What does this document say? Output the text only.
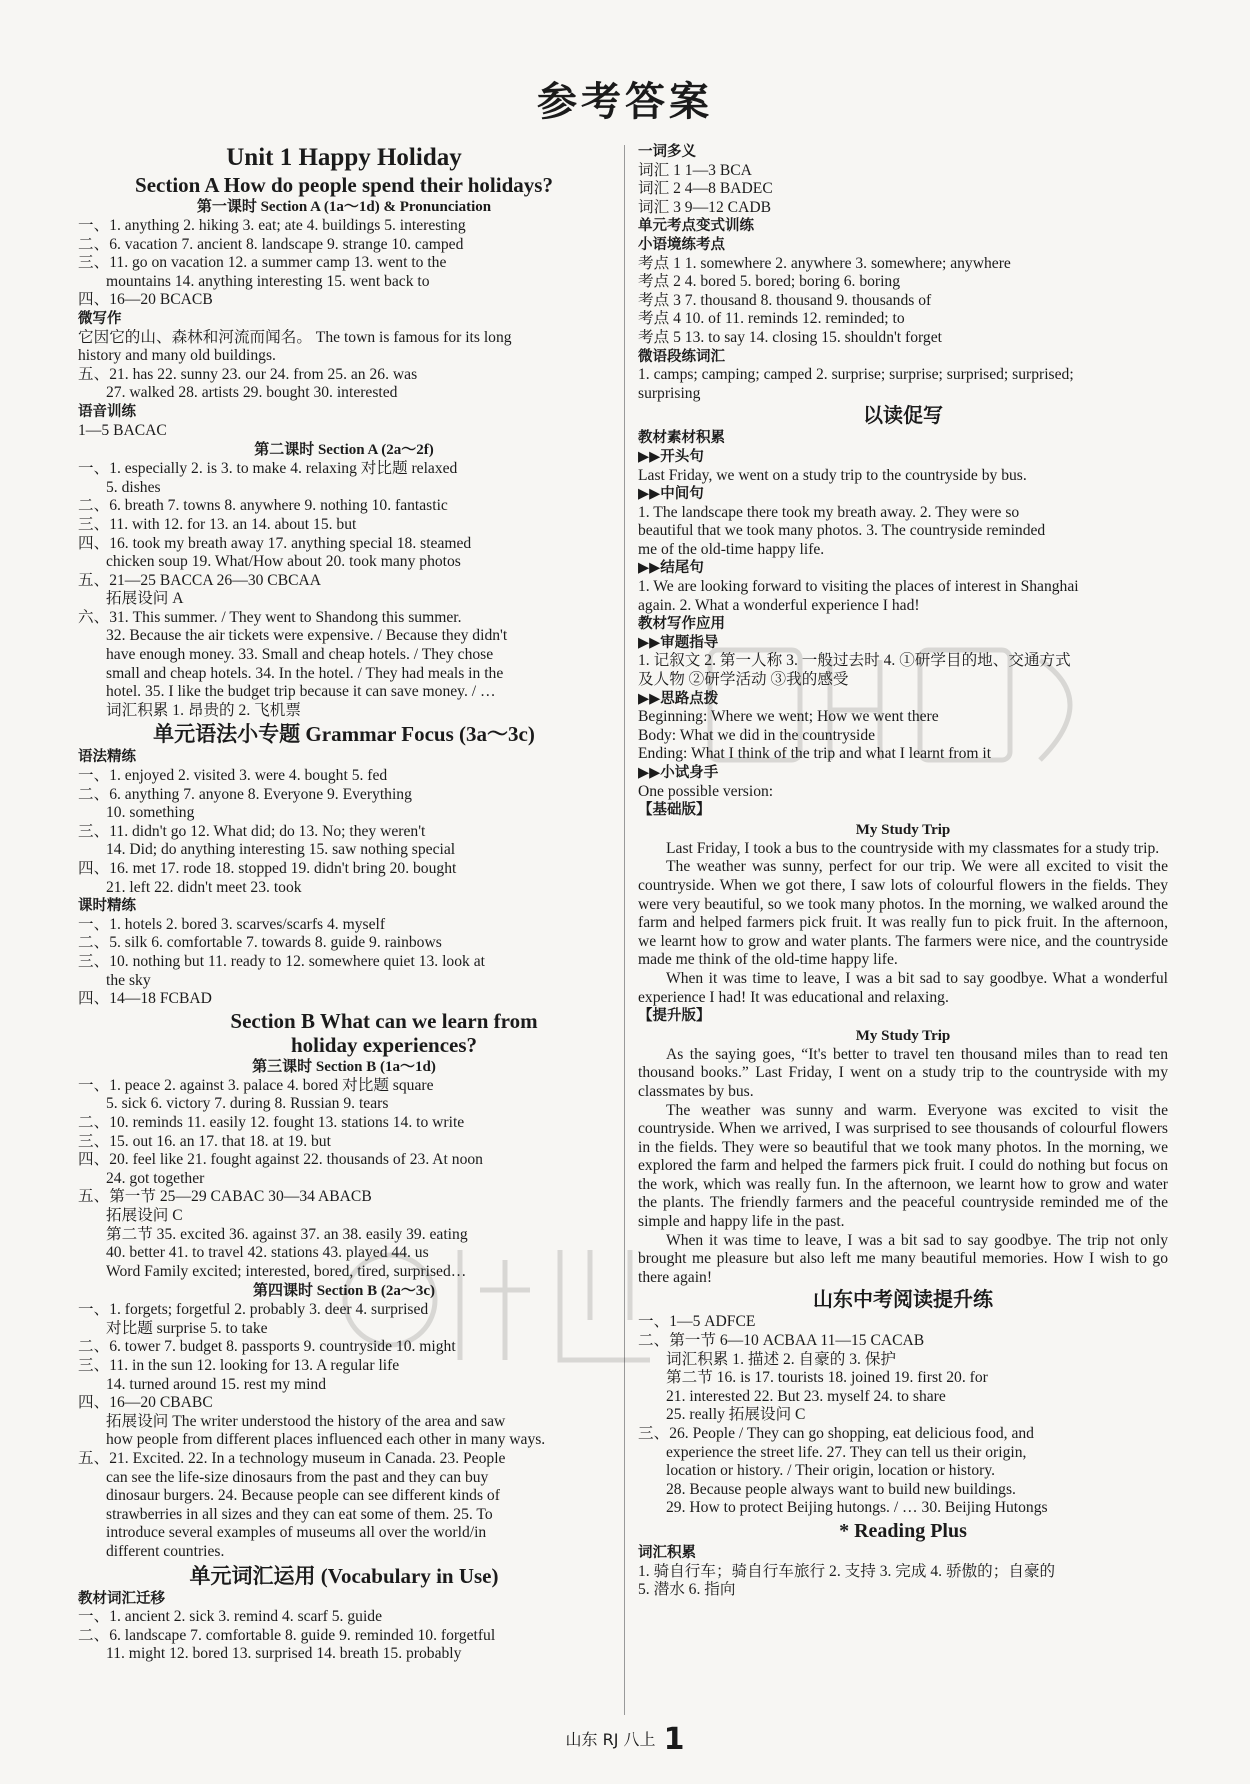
参考答案
Unit 1 Happy Holiday
Section A How do people spend their holidays?
第一课时 Section A (1a～1d) & Pronunciation
一、1. anything 2. hiking 3. eat; ate 4. buildings 5. interesting
二、6. vacation 7. ancient 8. landscape 9. strange 10. camped
三、11. go on vacation 12. a summer camp 13. went to the
mountains 14. anything interesting 15. went back to
四、16—20 BCACB
微写作
它因它的山、森林和河流而闻名。 The town is famous for its long
history and many old buildings.
五、21. has 22. sunny 23. our 24. from 25. an 26. was
27. walked 28. artists 29. bought 30. interested
语音训练
1—5 BACAC
第二课时 Section A (2a～2f)
一、1. especially 2. is 3. to make 4. relaxing 对比题 relaxed
5. dishes
二、6. breath 7. towns 8. anywhere 9. nothing 10. fantastic
三、11. with 12. for 13. an 14. about 15. but
四、16. took my breath away 17. anything special 18. steamed
chicken soup 19. What/How about 20. took many photos
五、21—25 BACCA 26—30 CBCAA
拓展设问 A
六、31. This summer. / They went to Shandong this summer.
32. Because the air tickets were expensive. / Because they didn't
have enough money. 33. Small and cheap hotels. / They chose
small and cheap hotels. 34. In the hotel. / They had meals in the
hotel. 35. I like the budget trip because it can save money. / …
词汇积累 1. 昂贵的 2. 飞机票
单元语法小专题 Grammar Focus (3a～3c)
语法精练
一、1. enjoyed 2. visited 3. were 4. bought 5. fed
二、6. anything 7. anyone 8. Everyone 9. Everything
10. something
三、11. didn't go 12. What did; do 13. No; they weren't
14. Did; do anything interesting 15. saw nothing special
四、16. met 17. rode 18. stopped 19. didn't bring 20. bought
21. left 22. didn't meet 23. took
课时精练
一、1. hotels 2. bored 3. scarves/scarfs 4. myself
二、5. silk 6. comfortable 7. towards 8. guide 9. rainbows
三、10. nothing but 11. ready to 12. somewhere quiet 13. look at
the sky
四、14—18 FCBAD
Section B What can we learn from
holiday experiences?
第三课时 Section B (1a～1d)
一、1. peace 2. against 3. palace 4. bored 对比题 square
5. sick 6. victory 7. during 8. Russian 9. tears
二、10. reminds 11. easily 12. fought 13. stations 14. to write
三、15. out 16. an 17. that 18. at 19. but
四、20. feel like 21. fought against 22. thousands of 23. At noon
24. got together
五、第一节 25—29 CABAC 30—34 ABACB
拓展设问 C
第二节 35. excited 36. against 37. an 38. easily 39. eating
40. better 41. to travel 42. stations 43. played 44. us
Word Family excited; interested, bored, tired, surprised…
第四课时 Section B (2a～3c)
一、1. forgets; forgetful 2. probably 3. deer 4. surprised
对比题 surprise 5. to take
二、6. tower 7. budget 8. passports 9. countryside 10. might
三、11. in the sun 12. looking for 13. A regular life
14. turned around 15. rest my mind
四、16—20 CBABC
拓展设问 The writer understood the history of the area and saw
how people from different places influenced each other in many ways.
五、21. Excited. 22. In a technology museum in Canada. 23. People
can see the life-size dinosaurs from the past and they can buy
dinosaur burgers. 24. Because people can see different kinds of
strawberries in all sizes and they can eat some of them. 25. To
introduce several examples of museums all over the world/in
different countries.
单元词汇运用 (Vocabulary in Use)
教材词汇迁移
一、1. ancient 2. sick 3. remind 4. scarf 5. guide
二、6. landscape 7. comfortable 8. guide 9. reminded 10. forgetful
11. might 12. bored 13. surprised 14. breath 15. probably
一词多义
词汇 1 1—3 BCA
词汇 2 4—8 BADEC
词汇 3 9—12 CADB
单元考点变式训练
小语境练考点
考点 1 1. somewhere 2. anywhere 3. somewhere; anywhere
考点 2 4. bored 5. bored; boring 6. boring
考点 3 7. thousand 8. thousand 9. thousands of
考点 4 10. of 11. reminds 12. reminded; to
考点 5 13. to say 14. closing 15. shouldn't forget
微语段练词汇
1. camps; camping; camped 2. surprise; surprise; surprised; surprised;
surprising
以读促写
教材素材积累
▶▶开头句
Last Friday, we went on a study trip to the countryside by bus.
▶▶中间句
1. The landscape there took my breath away. 2. They were so
beautiful that we took many photos. 3. The countryside reminded
me of the old-time happy life.
▶▶结尾句
1. We are looking forward to visiting the places of interest in Shanghai
again. 2. What a wonderful experience I had!
教材写作应用
▶▶审题指导
1. 记叙文 2. 第一人称 3. 一般过去时 4. ①研学目的地、交通方式
及人物 ②研学活动 ③我的感受
▶▶思路点拨
Beginning: Where we went; How we went there
Body: What we did in the countryside
Ending: What I think of the trip and what I learnt from it
▶▶小试身手
One possible version:
【基础版】
My Study Trip
Last Friday, I took a bus to the countryside with my classmates for a study trip.
The weather was sunny, perfect for our trip. We were all excited to visit the countryside. When we got there, I saw lots of colourful flowers in the fields. They were very beautiful, so we took many photos. In the morning, we walked around the farm and helped farmers pick fruit. It was really fun to pick fruit. In the afternoon, we learnt how to grow and water plants. The farmers were nice, and the countryside made me think of the old-time happy life.
When it was time to leave, I was a bit sad to say goodbye. What a wonderful experience I had! It was educational and relaxing.
【提升版】
My Study Trip
As the saying goes, “It's better to travel ten thousand miles than to read ten thousand books.” Last Friday, I went on a study trip to the countryside with my classmates by bus.
The weather was sunny and warm. Everyone was excited to visit the countryside. When we arrived, I was surprised to see thousands of colourful flowers in the fields. They were so beautiful that we took many photos. In the morning, we explored the farm and helped the farmers pick fruit. I could do nothing but focus on the work, which was really fun. In the afternoon, we learnt how to grow and water the plants. The friendly farmers and the peaceful countryside reminded me of the simple and happy life in the past.
When it was time to leave, I was a bit sad to say goodbye. The trip not only brought me pleasure but also left me many beautiful memories. How I wish to go there again!
山东中考阅读提升练
一、1—5 ADFCE
二、第一节 6—10 ACBAA 11—15 CACAB
词汇积累 1. 描述 2. 自豪的 3. 保护
第二节 16. is 17. tourists 18. joined 19. first 20. for
21. interested 22. But 23. myself 24. to share
25. really 拓展设问 C
三、26. People / They can go shopping, eat delicious food, and
experience the street life. 27. They can tell us their origin,
location or history. / Their origin, location or history.
28. Because people always want to build new buildings.
29. How to protect Beijing hutongs. / … 30. Beijing Hutongs
* Reading Plus
词汇积累
1. 骑自行车；骑自行车旅行 2. 支持 3. 完成 4. 骄傲的；自豪的
5. 潜水 6. 指向
山东 RJ 八上 1
